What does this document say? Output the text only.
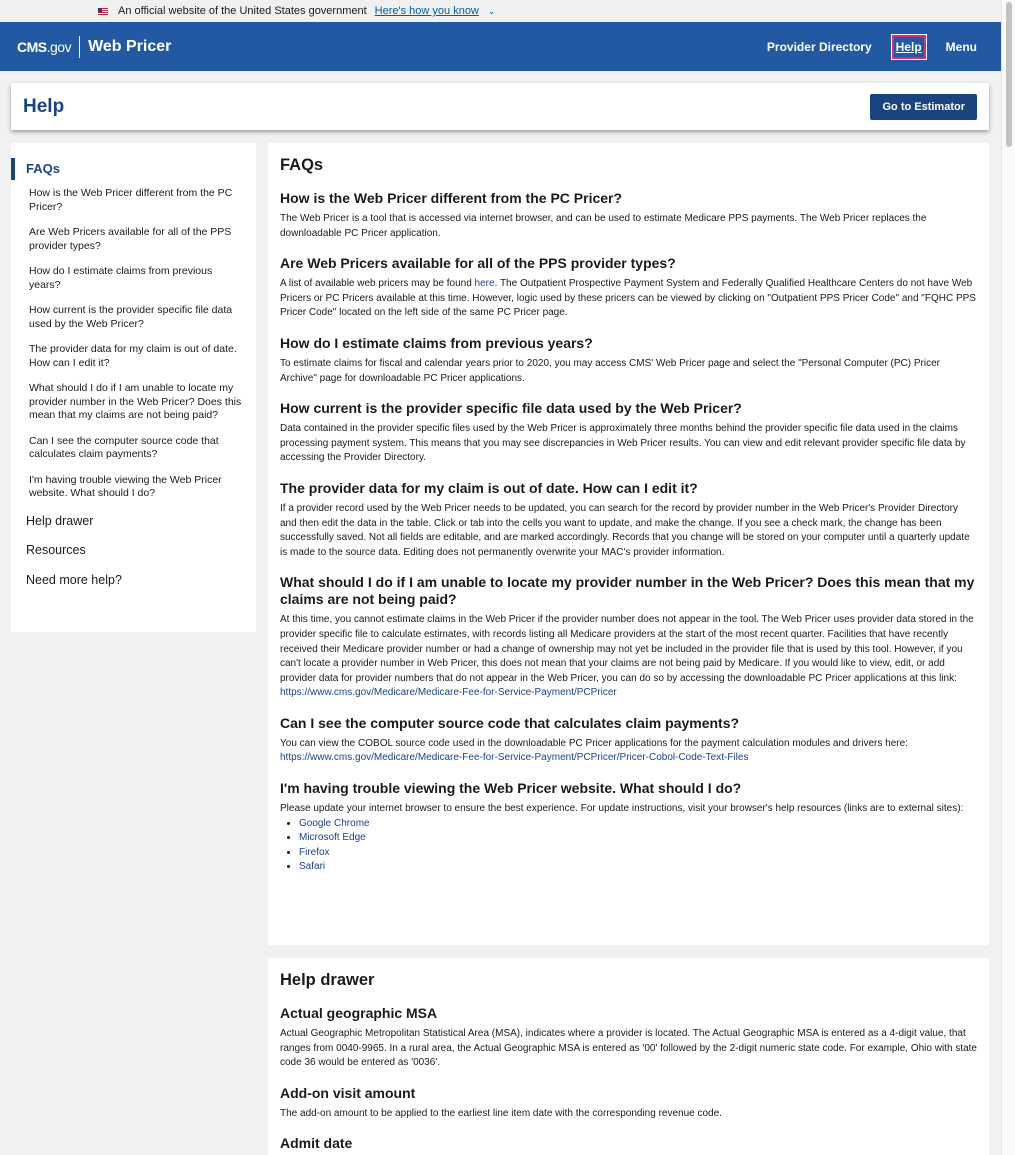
An official website of the United States government Here's how you know ⌄
CMS.gov Web Pricer	Provider Directory	Help	Menu
Help	Go to Estimator
FAQs
How is the Web Pricer different from the PC Pricer?
Are Web Pricers available for all of the PPS provider types?
How do I estimate claims from previous years?
How current is the provider specific file data used by the Web Pricer?
The provider data for my claim is out of date. How can I edit it?
What should I do if I am unable to locate my provider number in the Web Pricer? Does this mean that my claims are not being paid?
Can I see the computer source code that calculates claim payments?
I'm having trouble viewing the Web Pricer website. What should I do?
Help drawer
Resources
Need more help?
FAQs
How is the Web Pricer different from the PC Pricer?

The Web Pricer is a tool that is accessed via internet browser, and can be used to estimate Medicare PPS payments. The Web Pricer replaces the downloadable PC Pricer application.

Are Web Pricers available for all of the PPS provider types?

A list of available web pricers may be found here. The Outpatient Prospective Payment System and Federally Qualified Healthcare Centers do not have Web Pricers or PC Pricers available at this time. However, logic used by these pricers can be viewed by clicking on "Outpatient PPS Pricer Code" and "FQHC PPS Pricer Code" located on the left side of the same PC Pricer page.

How do I estimate claims from previous years?

To estimate claims for fiscal and calendar years prior to 2020, you may access CMS' Web Pricer page and select the "Personal Computer (PC) Pricer Archive" page for downloadable PC Pricer applications.

How current is the provider specific file data used by the Web Pricer?

Data contained in the provider specific files used by the Web Pricer is approximately three months behind the provider specific file data used in the claims processing payment system. This means that you may see discrepancies in Web Pricer results. You can view and edit relevant provider specific file data by accessing the Provider Directory.

The provider data for my claim is out of date. How can I edit it?

If a provider record used by the Web Pricer needs to be updated, you can search for the record by provider number in the Web Pricer's Provider Directory and then edit the data in the table. Click or tab into the cells you want to update, and make the change. If you see a check mark, the change has been successfully saved. Not all fields are editable, and are marked accordingly. Records that you change will be stored on your computer until a quarterly update is made to the source data. Editing does not permanently overwrite your MAC's provider information.

What should I do if I am unable to locate my provider number in the Web Pricer? Does this mean that my claims are not being paid?

At this time, you cannot estimate claims in the Web Pricer if the provider number does not appear in the tool. The Web Pricer uses provider data stored in the provider specific file to calculate estimates, with records listing all Medicare providers at the start of the most recent quarter. Facilities that have recently received their Medicare provider number or had a change of ownership may not yet be included in the provider file that is used by this tool. However, if you can't locate a provider number in Web Pricer, this does not mean that your claims are not being paid by Medicare. If you would like to view, edit, or add provider data for provider numbers that do not appear in the Web Pricer, you can do so by accessing the downloadable PC Pricer applications at this link: https://www.cms.gov/Medicare/Medicare-Fee-for-Service-Payment/PCPricer

Can I see the computer source code that calculates claim payments?

You can view the COBOL source code used in the downloadable PC Pricer applications for the payment calculation modules and drivers here: https://www.cms.gov/Medicare/Medicare-Fee-for-Service-Payment/PCPricer/Pricer-Cobol-Code-Text-Files

I'm having trouble viewing the Web Pricer website. What should I do?

Please update your internet browser to ensure the best experience. For update instructions, visit your browser's help resources (links are to external sites):

• Google Chrome
• Microsoft Edge
• Firefox
• Safari
Help drawer
Actual geographic MSA

Actual Geographic Metropolitan Statistical Area (MSA), indicates where a provider is located. The Actual Geographic MSA is entered as a 4-digit value, that ranges from 0040-9965. In a rural area, the Actual Geographic MSA is entered as '00' followed by the 2-digit numeric state code. For example, Ohio with state code 36 would be entered as '0036'.

Add-on visit amount

The add-on amount to be applied to the earliest line item date with the corresponding revenue code.

Admit date
